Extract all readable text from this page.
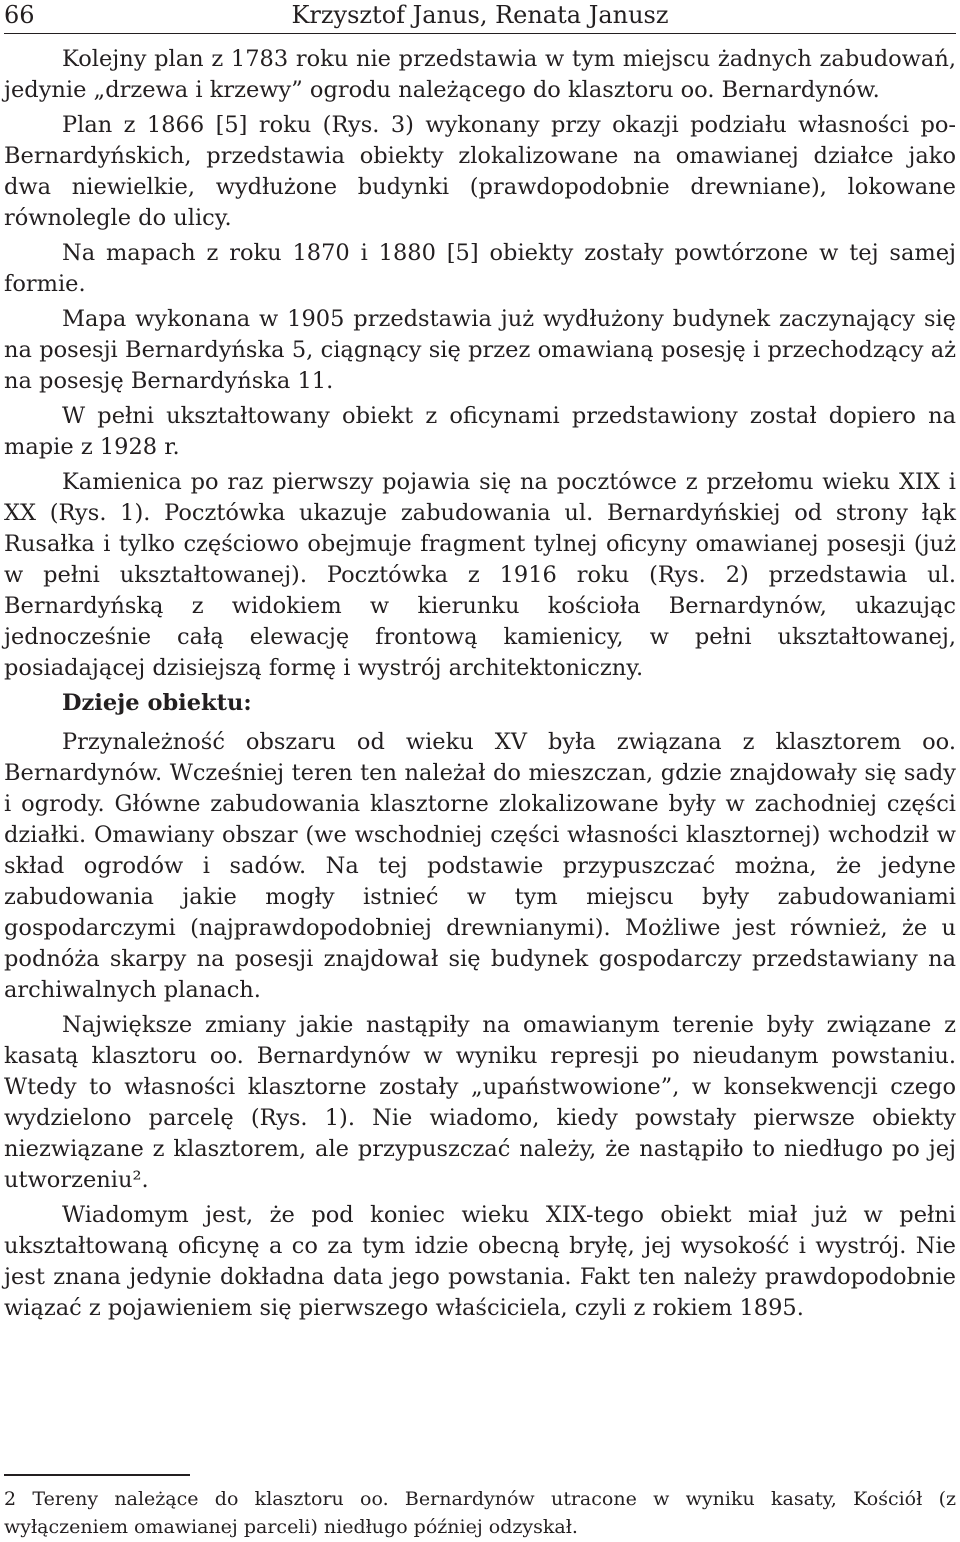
66	Krzysztof Janus, Renata Janusz

Kolejny plan z 1783 roku nie przedstawia w tym miejscu żadnych zabudowań, jedynie „drzewa i krzewy” ogrodu należącego do klasztoru oo. Bernardynów.

Plan z 1866 [5] roku (Rys. 3) wykonany przy okazji podziału własności po-Bernardyńskich, przedstawia obiekty zlokalizowane na omawianej działce jako dwa niewielkie, wydłużone budynki (prawdopodobnie drewniane), lokowane równolegle do ulicy.

Na mapach z roku 1870 i 1880 [5] obiekty zostały powtórzone w tej samej formie.

Mapa wykonana w 1905 przedstawia już wydłużony budynek zaczynający się na posesji Bernardyńska 5, ciągnący się przez omawianą posesję i przechodzący aż na posesję Bernardyńska 11.

W pełni ukształtowany obiekt z oficynami przedstawiony został dopiero na mapie z 1928 r.

Kamienica po raz pierwszy pojawia się na pocztówce z przełomu wieku XIX i XX (Rys. 1). Pocztówka ukazuje zabudowania ul. Bernardyńskiej od strony łąk Rusałka i tylko częściowo obejmuje fragment tylnej oficyny omawianej posesji (już w pełni ukształtowanej). Pocztówka z 1916 roku (Rys. 2) przedstawia ul. Bernardyńską z widokiem w kierunku kościoła Bernardynów, ukazując jednocześnie całą elewację frontową kamienicy, w pełni ukształtowanej, posiadającej dzisiejszą formę i wystrój architektoniczny.

Dzieje obiektu:

Przynależność obszaru od wieku XV była związana z klasztorem oo. Bernardynów. Wcześniej teren ten należał do mieszczan, gdzie znajdowały się sady i ogrody. Główne zabudowania klasztorne zlokalizowane były w zachodniej części działki. Omawiany obszar (we wschodniej części własności klasztornej) wchodził w skład ogrodów i sadów. Na tej podstawie przypuszczać można, że jedyne zabudowania jakie mogły istnieć w tym miejscu były zabudowaniami gospodarczymi (najprawdopodobniej drewnianymi). Możliwe jest również, że u podnóża skarpy na posesji znajdował się budynek gospodarczy przedstawiany na archiwalnych planach.

Największe zmiany jakie nastąpiły na omawianym terenie były związane z kasatą klasztoru oo. Bernardynów w wyniku represji po nieudanym powstaniu. Wtedy to własności klasztorne zostały „upaństwowione”, w konsekwencji czego wydzielono parcelę (Rys. 1). Nie wiadomo, kiedy powstały pierwsze obiekty niezwiązane z klasztorem, ale przypuszczać należy, że nastąpiło to niedługo po jej utworzeniu².

Wiadomym jest, że pod koniec wieku XIX-tego obiekt miał już w pełni ukształtowaną oficynę a co za tym idzie obecną bryłę, jej wysokość i wystrój. Nie jest znana jedynie dokładna data jego powstania. Fakt ten należy prawdopodobnie wiązać z pojawieniem się pierwszego właściciela, czyli z rokiem 1895.

2 Tereny należące do klasztoru oo. Bernardynów utracone w wyniku kasaty, Kościół (z wyłączeniem omawianej parceli) niedługo później odzyskał.
